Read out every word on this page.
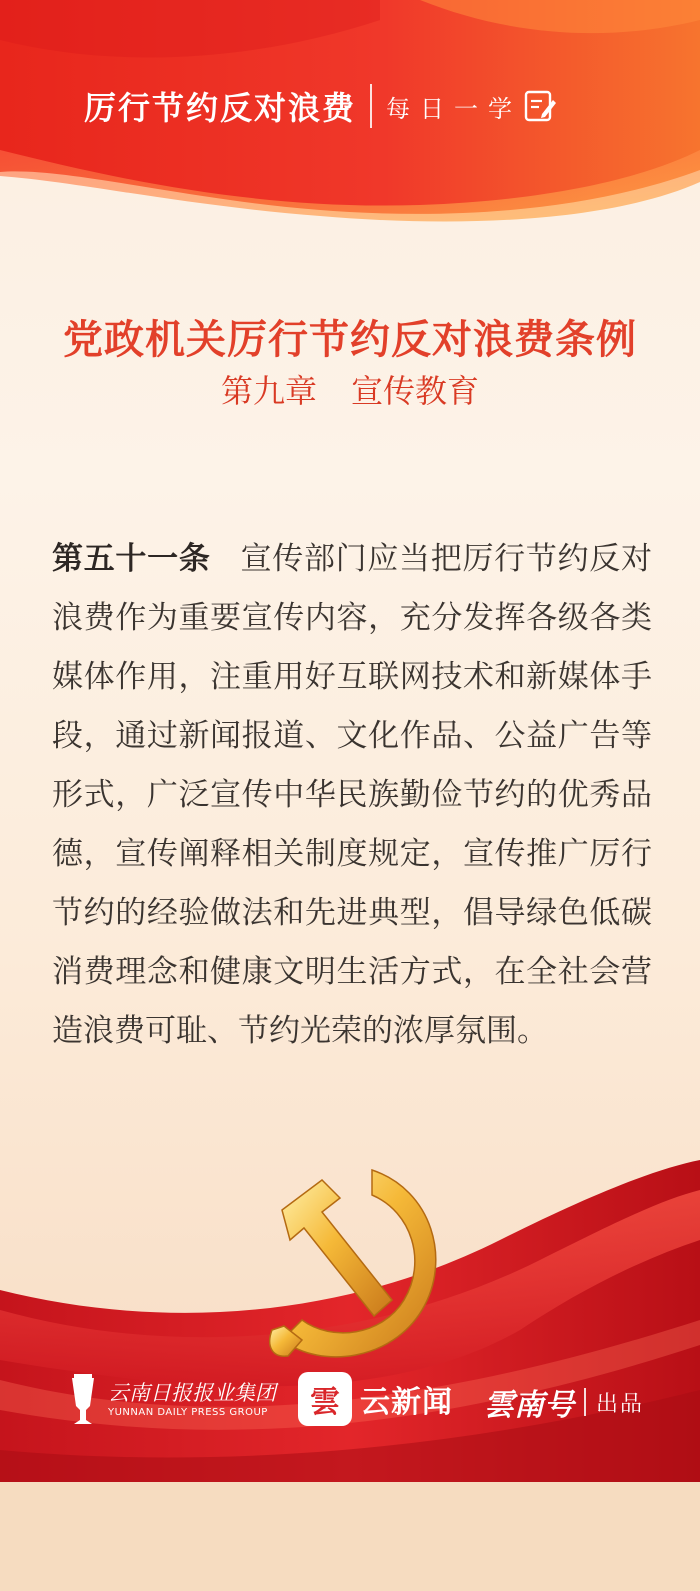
厉行节约反对浪费 每日一学
党政机关厉行节约反对浪费条例
第九章 宣传教育
第五十一条 宣传部门应当把厉行节约反对浪费作为重要宣传内容，充分发挥各级各类媒体作用，注重用好互联网技术和新媒体手段，通过新闻报道、文化作品、公益广告等形式，广泛宣传中华民族勤俭节约的优秀品德，宣传阐释相关制度规定，宣传推广厉行节约的经验做法和先进典型，倡导绿色低碳消费理念和健康文明生活方式，在全社会营造浪费可耻、节约光荣的浓厚氛围。
云南日报报业集团
YUNNAN DAILY PRESS GROUP	雲 云新闻 雲南号 出品
